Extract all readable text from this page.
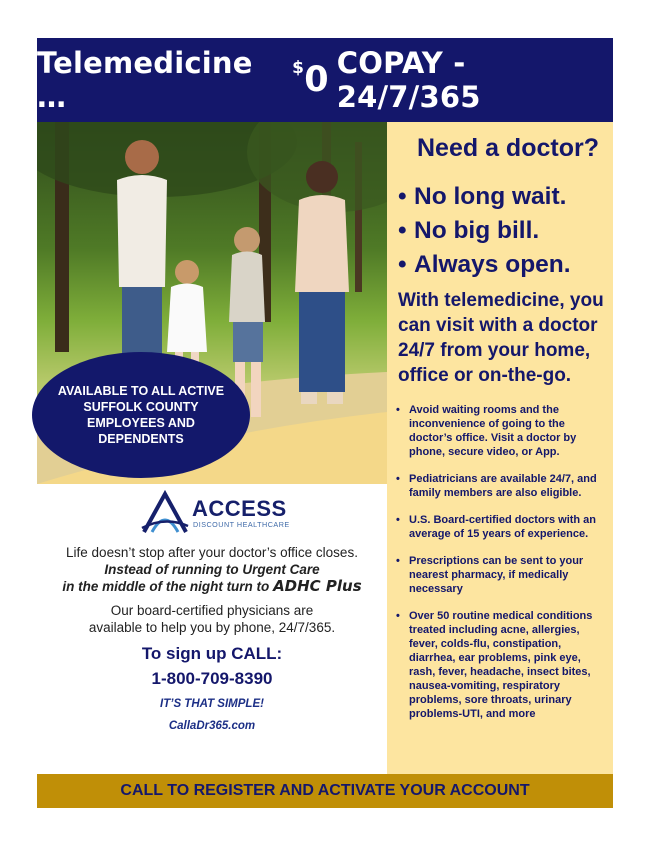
Telemedicine …
$ 0 COPAY - 24/7/365
Need a doctor?
• No long wait.
• No big bill.
• Always open.
With telemedicine, you can visit with a doctor 24/7 from your home, office or on-the-go.
• Avoid waiting rooms and the inconvenience of going to the doctor’s office. Visit a doctor by phone, secure video, or App.
• Pediatricians are available 24/7, and family members are also eligible.
• U.S. Board-certified doctors with an average of 15 years of experience.
• Prescriptions can be sent to your nearest pharmacy, if medically necessary
• Over 50 routine medical conditions treated including acne, allergies, fever, colds-flu, constipation, diarrhea, ear problems, pink eye, rash, fever, headache, insect bites, nausea-vomiting, respiratory problems, sore throats, urinary problems-UTI, and more
AVAILABLE TO ALL ACTIVE SUFFOLK COUNTY EMPLOYEES AND DEPENDENTS
ACCESS
DISCOUNT HEALTHCARE
Life doesn’t stop after your doctor’s office closes.
Instead of running to Urgent Care
in the middle of the night turn to ADHC Plus
Our board-certified physicians are
available to help you by phone, 24/7/365.
To sign up CALL:
1-800-709-8390
IT’S THAT SIMPLE!
CallaDr365.com
CALL TO REGISTER AND ACTIVATE YOUR ACCOUNT
